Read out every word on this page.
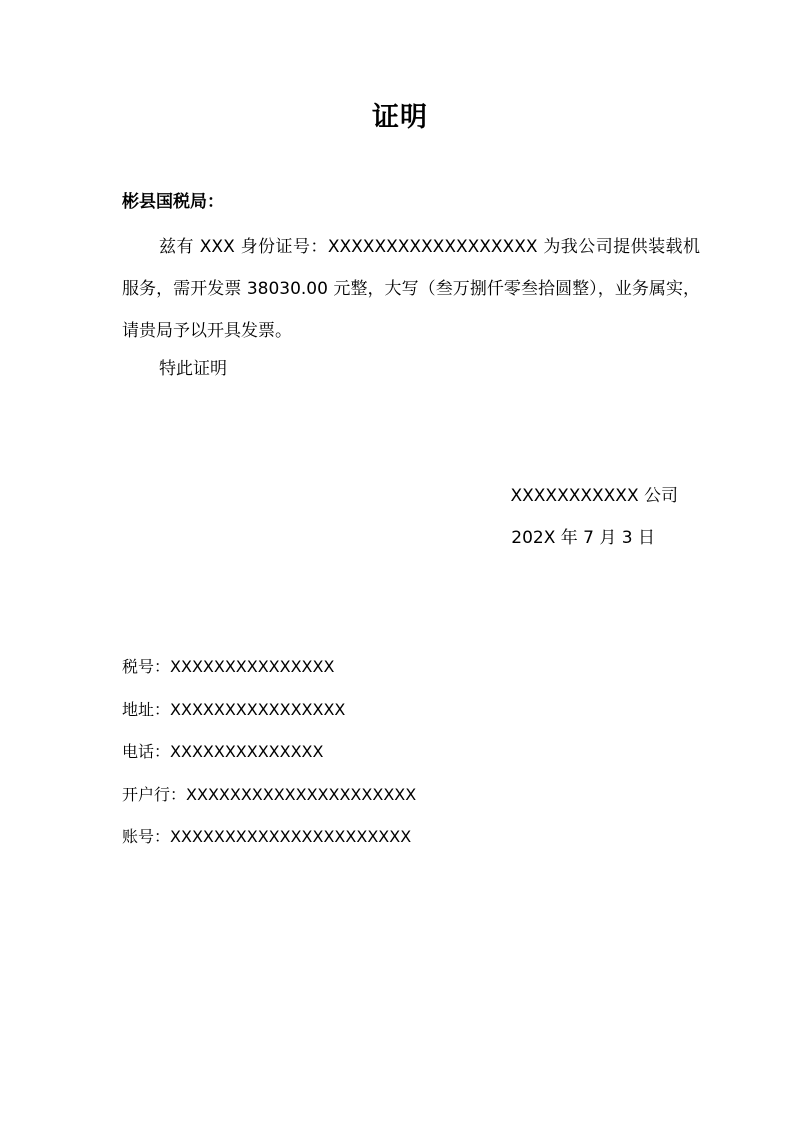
证明
彬县国税局：

兹有 XXX 身份证号：XXXXXXXXXXXXXXXXXX 为我公司提供装载机服务，需开发票 38030.00 元整，大写（叁万捌仟零叁拾圆整），业务属实，请贵局予以开具发票。

特此证明
XXXXXXXXXXX 公司
202X 年 7 月 3 日
税号：XXXXXXXXXXXXXXX
地址：XXXXXXXXXXXXXXXX
电话：XXXXXXXXXXXXXX
开户行：XXXXXXXXXXXXXXXXXXXXX
账号：XXXXXXXXXXXXXXXXXXXXXX
